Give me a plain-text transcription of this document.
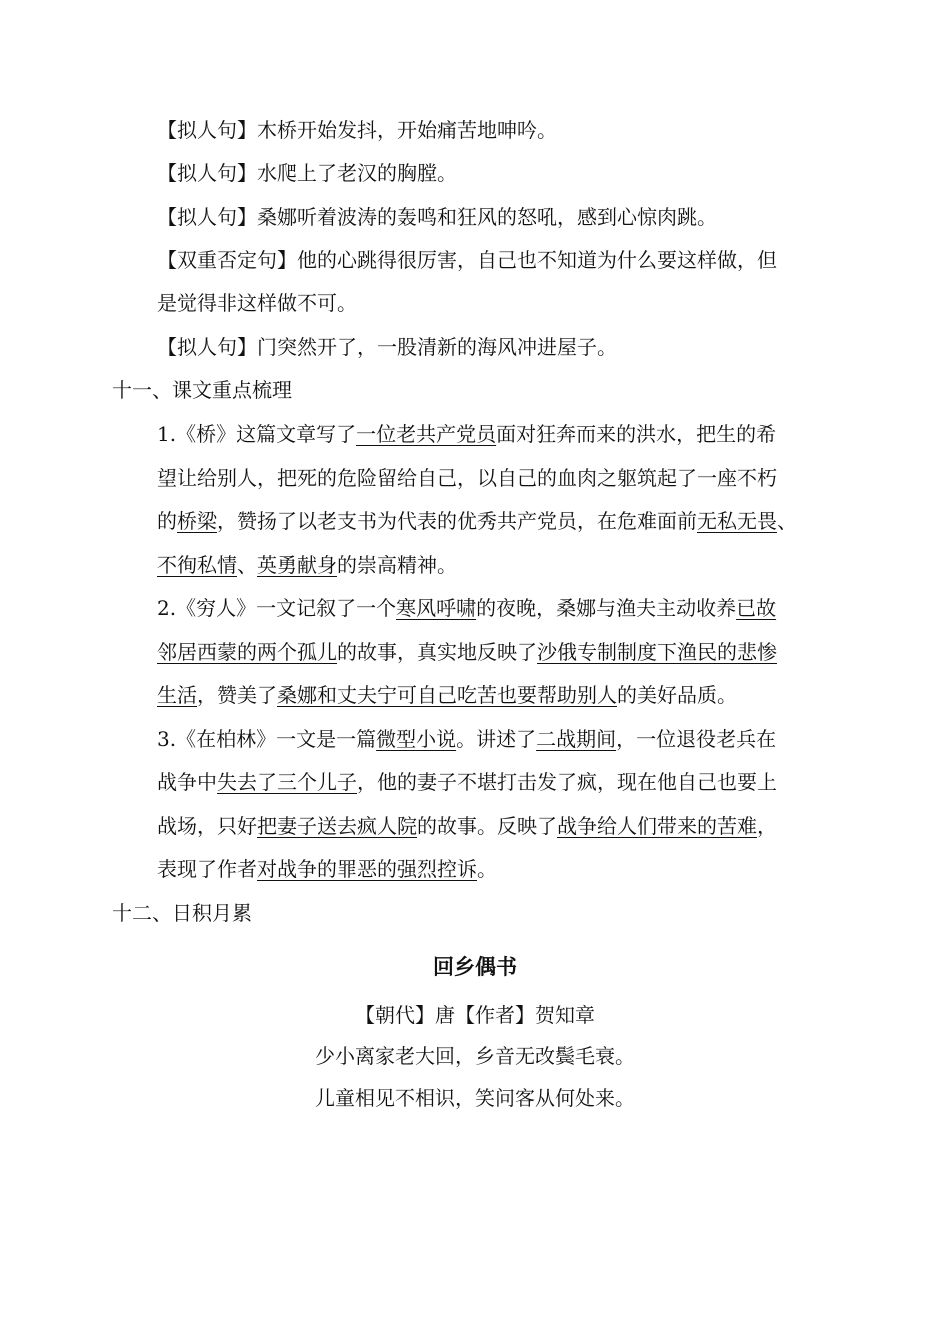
【拟人句】木桥开始发抖，开始痛苦地呻吟。
【拟人句】水爬上了老汉的胸膛。
【拟人句】桑娜听着波涛的轰鸣和狂风的怒吼，感到心惊肉跳。
【双重否定句】他的心跳得很厉害，自己也不知道为什么要这样做，但
是觉得非这样做不可。
【拟人句】门突然开了，一股清新的海风冲进屋子。
十一、课文重点梳理
1.《桥》这篇文章写了一位老共产党员面对狂奔而来的洪水，把生的希
望让给别人，把死的危险留给自己，以自己的血肉之躯筑起了一座不朽
的桥梁，赞扬了以老支书为代表的优秀共产党员，在危难面前无私无畏、
不徇私情、英勇献身的崇高精神。
2.《穷人》一文记叙了一个寒风呼啸的夜晚，桑娜与渔夫主动收养已故
邻居西蒙的两个孤儿的故事，真实地反映了沙俄专制制度下渔民的悲惨
生活，赞美了桑娜和丈夫宁可自己吃苦也要帮助别人的美好品质。
3.《在柏林》一文是一篇微型小说。讲述了二战期间，一位退役老兵在
战争中失去了三个儿子，他的妻子不堪打击发了疯，现在他自己也要上
战场，只好把妻子送去疯人院的故事。反映了战争给人们带来的苦难，
表现了作者对战争的罪恶的强烈控诉。
十二、日积月累
回乡偶书
【朝代】唐【作者】贺知章
少小离家老大回，乡音无改鬓毛衰。
儿童相见不相识，笑问客从何处来。
